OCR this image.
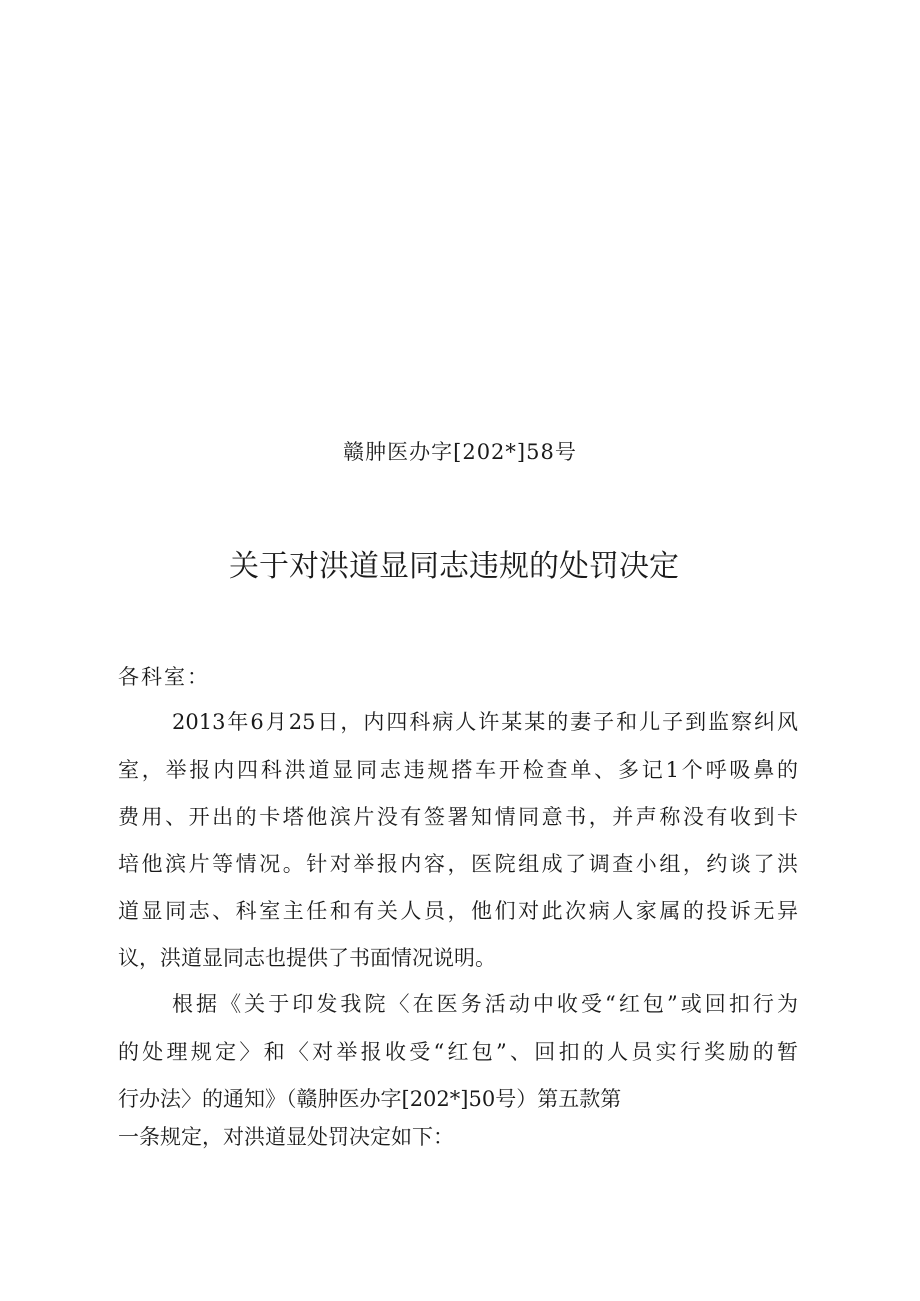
赣肿医办字[202*]58号
关于对洪道显同志违规的处罚决定
各科室：
2013年6月25日，内四科病人许某某的妻子和儿子到监察纠风
室，举报内四科洪道显同志违规搭车开检查单、多记1个呼吸鼻的
费用、开出的卡塔他滨片没有签署知情同意书，并声称没有收到卡
培他滨片等情况。针对举报内容，医院组成了调查小组，约谈了洪
道显同志、科室主任和有关人员，他们对此次病人家属的投诉无异
议，洪道显同志也提供了书面情况说明。
根据《关于印发我院〈在医务活动中收受“红包”或回扣行为
的处理规定〉和〈对举报收受“红包”、回扣的人员实行奖励的暂
行办法〉的通知》（赣肿医办字[202*]50号）第五款第
一条规定，对洪道显处罚决定如下：
